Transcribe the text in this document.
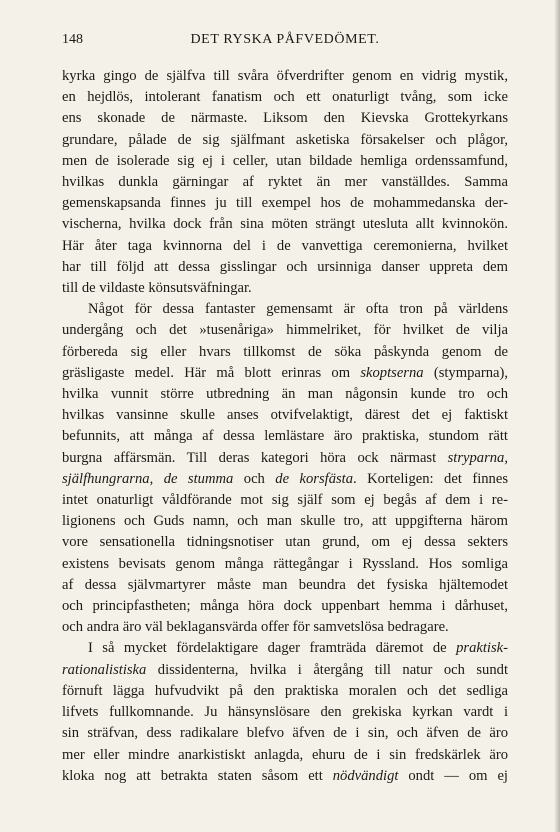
148	DET RYSKA PÅFVEDÖMET.

kyrka gingo de själfva till svåra öfverdrifter genom en vidrig mystik,
en hejdlös, intolerant fanatism och ett onaturligt tvång, som icke
ens skonade de närmaste. Liksom den Kievska Grottekyrkans
grundare, pålade de sig själfmant asketiska försakelser och plågor,
men de isolerade sig ej i celler, utan bildade hemliga ordenssamfund,
hvilkas dunkla gärningar af ryktet än mer vanställdes. Samma
gemenskapsanda finnes ju till exempel hos de mohammedanska der-
vischerna, hvilka dock från sina möten strängt utesluta allt kvinnokön.
Här åter taga kvinnorna del i de vanvettiga ceremonierna, hvilket
har till följd att dessa gisslingar och ursinniga danser uppreta dem
till de vildaste könsutsväfningar.

Något för dessa fantaster gemensamt är ofta tron på världens
undergång och det »tusenåriga» himmelriket, för hvilket de vilja
förbereda sig eller hvars tillkomst de söka påskynda genom de
gräsligaste medel. Här må blott erinras om skoptserna (stymparna),
hvilka vunnit större utbredning än man någonsin kunde tro och
hvilkas vansinne skulle anses otvifvelaktigt, därest det ej faktiskt
befunnits, att många af dessa lemlästare äro praktiska, stundom rätt
burgna affärsmän. Till deras kategori höra ock närmast stryparna,
själfhungrarna, de stumma och de korsfästa. Korteligen: det finnes
intet onaturligt våldförande mot sig själf som ej begås af dem i re-
ligionens och Guds namn, och man skulle tro, att uppgifterna härom
vore sensationella tidningsnotiser utan grund, om ej dessa sekters
existens bevisats genom många rättegångar i Ryssland. Hos somliga
af dessa självmartyrer måste man beundra det fysiska hjältemodet
och principfastheten; många höra dock uppenbart hemma i dårhuset,
och andra äro väl beklagansvärda offer för samvetslösa bedragare.

I så mycket fördelaktigare dager framträda däremot de praktisk-
rationalistiska dissidenterna, hvilka i återgång till natur och sundt
förnuft lägga hufvudvikt på den praktiska moralen och det sedliga
lifvets fullkomnande. Ju hänsynslösare den grekiska kyrkan vardt i
sin sträfvan, dess radikalare blefvo äfven de i sin, och äfven de äro
mer eller mindre anarkistiskt anlagda, ehuru de i sin fredskärlek äro
kloka nog att betrakta staten såsom ett nödvändigt ondt — om ej
